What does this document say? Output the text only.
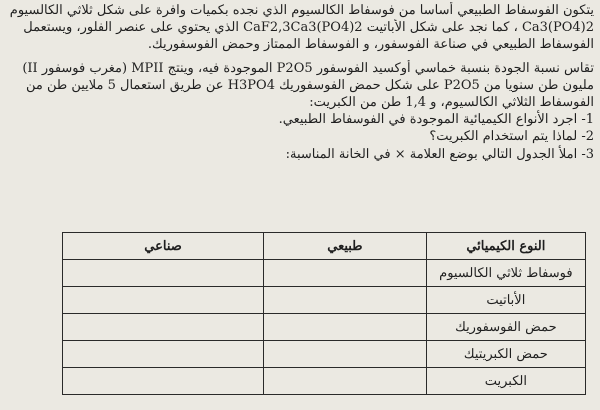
يتكون الفوسفاط الطبيعي أساسا من فوسفاط الكالسيوم الذي نجده بكميات وافرة على شكل ثلاثي الكالسيوم
Ca3(PO4)2 ، كما نجد على شكل الأباتيت CaF2,3Ca3(PO4)2 الذي يحتوي على عنصر الفلور، ويستعمل
الفوسفاط الطبيعي في صناعة الفوسفور، و الفوسفاط الممتاز وحمض الفوسفوريك.

تقاس نسبة الجودة بنسبة خماسي أوكسيد الفوسفور P2O5 الموجودة فيه، وينتج MPII (مغرب فوسفور II)
مليون طن سنويا من P2O5 على شكل حمض الفوسفوريك H3PO4 عن طريق استعمال 5 ملايين طن من
الفوسفاط الثلاثي الكالسيوم، و 1,4 طن من الكبريت:

1- اجرد الأنواع الكيميائية الموجودة في الفوسفاط الطبيعي.

2- لماذا يتم استخدام الكبريت؟

3- املأ الجدول التالي بوضع العلامة × في الخانة المناسبة:

النوع الكيميائي	طبيعي	صناعي
فوسفاط ثلاثي الكالسيوم		
الأباتيت		
حمض الفوسفوريك		
حمض الكبريتيك		
الكبريت		
